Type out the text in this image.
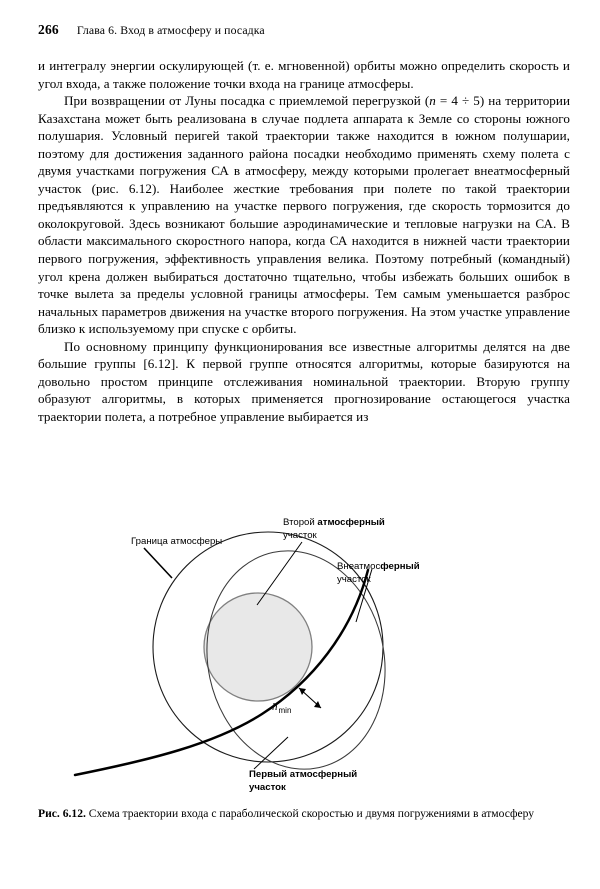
266 Глава 6. Вход в атмосферу и посадка

и интегралу энергии оскулирующей (т. е. мгновенной) орбиты можно определить скорость и угол входа, а также положение точки входа на границе атмосферы.

При возвращении от Луны посадка с приемлемой перегрузкой (n = 4 ÷ 5) на территории Казахстана может быть реализована в случае подлета аппарата к Земле со стороны южного полушария. Условный перигей такой траектории также находится в южном полушарии, поэтому для достижения заданного района посадки необходимо применять схему полета с двумя участками погружения СА в атмосферу, между которыми пролегает внеатмосферный участок (рис. 6.12). Наиболее жесткие требования при полете по такой траектории предъявляются к управлению на участке первого погружения, где скорость тормозится до околокруговой. Здесь возникают большие аэродинамические и тепловые нагрузки на СА. В области максимального скоростного напора, когда СА находится в нижней части траектории первого погружения, эффективность управления велика. Поэтому потребный (командный) угол крена должен выбираться достаточно тщательно, чтобы избежать больших ошибок в точке вылета за пределы условной границы атмосферы. Тем самым уменьшается разброс начальных параметров движения на участке второго погружения. На этом участке управление близко к используемому при спуске с орбиты.

По основному принципу функционирования все известные алгоритмы делятся на две большие группы [6.12]. К первой группе относятся алгоритмы, которые базируются на довольно простом принципе отслеживания номинальной траектории. Вторую группу образуют алгоритмы, в которых применяется прогнозирование остающегося участка траектории полета, а потребное управление выбирается из

hmin
Граница атмосферы
Второй атмосферный
участок
Внеатмосферный
участок
Первый атмосферный
участок
Рис. 6.12. Схема траектории входа с параболической скоростью и двумя погружениями в атмосферу
